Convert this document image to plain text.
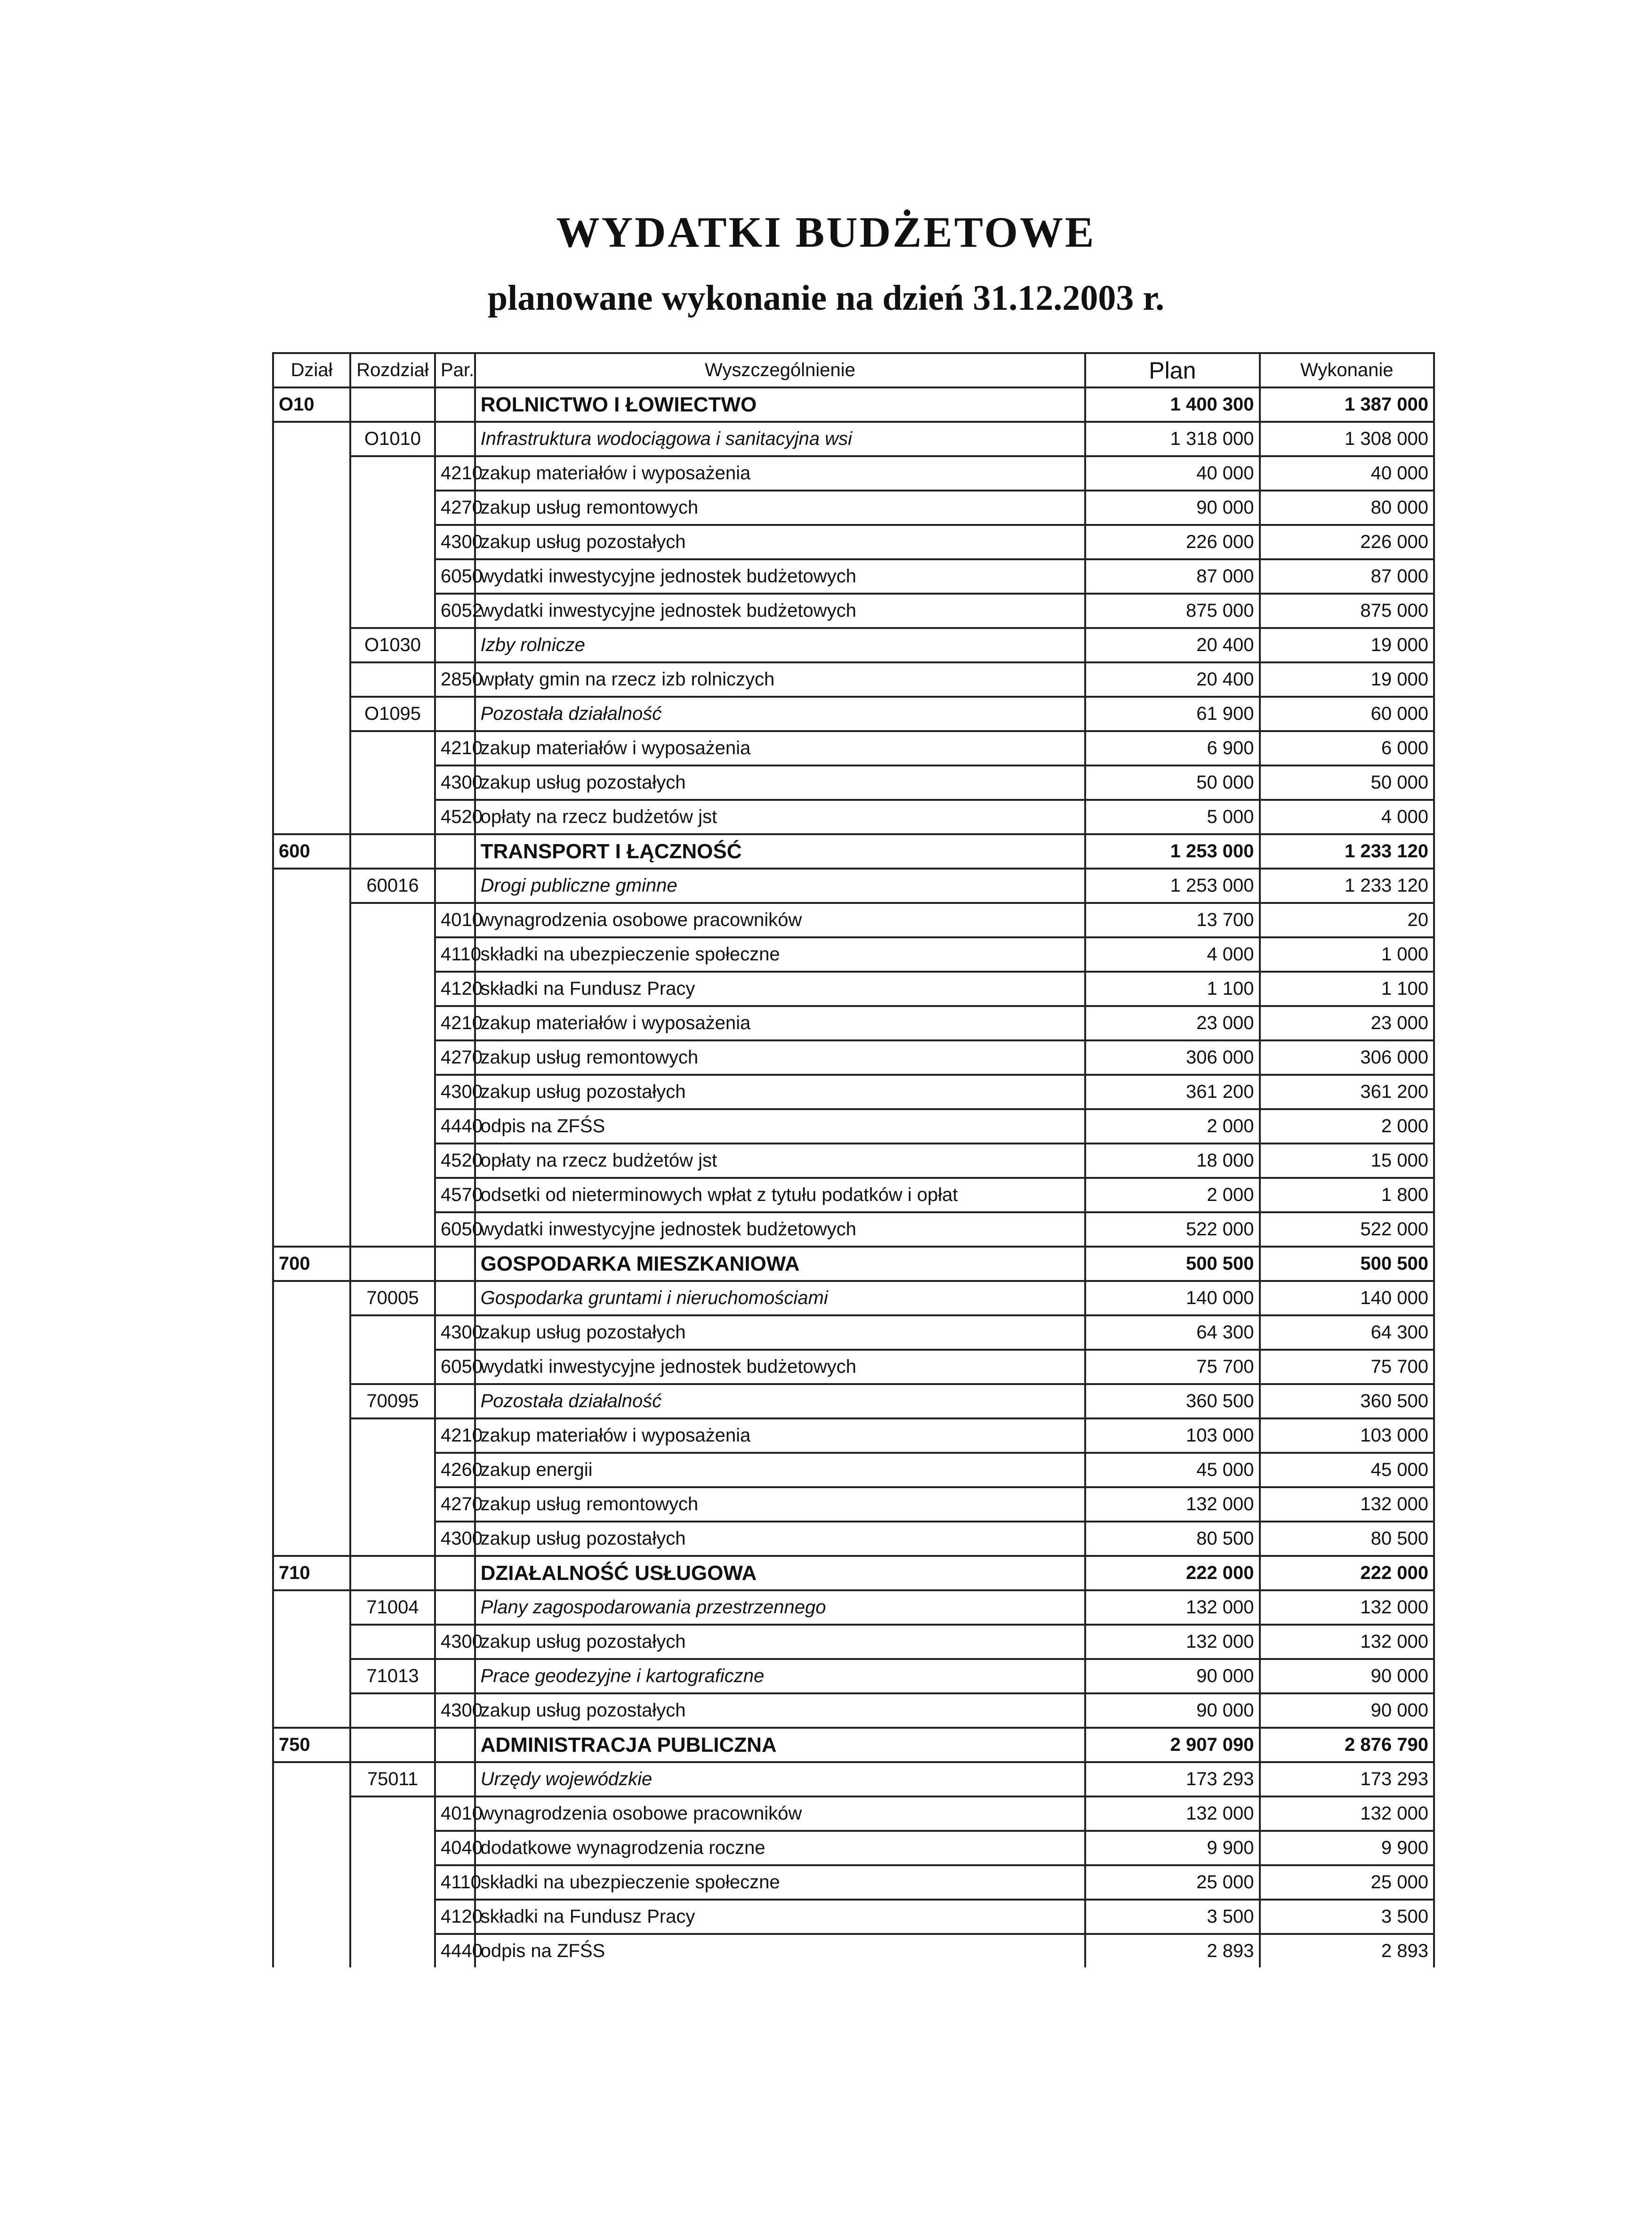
WYDATKI BUDŻETOWE
planowane wykonanie na dzień 31.12.2003 r.
Dział	Rozdział	Par.	Wyszczególnienie	Plan	Wykonanie
O10			ROLNICTWO I ŁOWIECTWO	1 400 300	1 387 000
	O1010		Infrastruktura wodociągowa i sanitacyjna wsi	1 318 000	1 308 000
		4210	zakup materiałów i wyposażenia	40 000	40 000
		4270	zakup usług remontowych	90 000	80 000
		4300	zakup usług pozostałych	226 000	226 000
		6050	wydatki inwestycyjne jednostek budżetowych	87 000	87 000
		6052	wydatki inwestycyjne jednostek budżetowych	875 000	875 000
	O1030		Izby rolnicze	20 400	19 000
		2850	wpłaty gmin na rzecz izb rolniczych	20 400	19 000
	O1095		Pozostała działalność	61 900	60 000
		4210	zakup materiałów i wyposażenia	6 900	6 000
		4300	zakup usług pozostałych	50 000	50 000
		4520	opłaty na rzecz budżetów jst	5 000	4 000
600			TRANSPORT I ŁĄCZNOŚĆ	1 253 000	1 233 120
	60016		Drogi publiczne gminne	1 253 000	1 233 120
		4010	wynagrodzenia osobowe pracowników	13 700	20
		4110	składki na ubezpieczenie społeczne	4 000	1 000
		4120	składki na Fundusz Pracy	1 100	1 100
		4210	zakup materiałów i wyposażenia	23 000	23 000
		4270	zakup usług remontowych	306 000	306 000
		4300	zakup usług pozostałych	361 200	361 200
		4440	odpis na ZFŚS	2 000	2 000
		4520	opłaty na rzecz budżetów jst	18 000	15 000
		4570	odsetki od nieterminowych wpłat z tytułu podatków i opłat	2 000	1 800
		6050	wydatki inwestycyjne jednostek budżetowych	522 000	522 000
700			GOSPODARKA MIESZKANIOWA	500 500	500 500
	70005		Gospodarka gruntami i nieruchomościami	140 000	140 000
		4300	zakup usług pozostałych	64 300	64 300
		6050	wydatki inwestycyjne jednostek budżetowych	75 700	75 700
	70095		Pozostała działalność	360 500	360 500
		4210	zakup materiałów i wyposażenia	103 000	103 000
		4260	zakup energii	45 000	45 000
		4270	zakup usług remontowych	132 000	132 000
		4300	zakup usług pozostałych	80 500	80 500
710			DZIAŁALNOŚĆ USŁUGOWA	222 000	222 000
	71004		Plany zagospodarowania przestrzennego	132 000	132 000
		4300	zakup usług pozostałych	132 000	132 000
	71013		Prace geodezyjne i kartograficzne	90 000	90 000
		4300	zakup usług pozostałych	90 000	90 000
750			ADMINISTRACJA PUBLICZNA	2 907 090	2 876 790
	75011		Urzędy wojewódzkie	173 293	173 293
		4010	wynagrodzenia osobowe pracowników	132 000	132 000
		4040	dodatkowe wynagrodzenia roczne	9 900	9 900
		4110	składki na ubezpieczenie społeczne	25 000	25 000
		4120	składki na Fundusz Pracy	3 500	3 500
		4440	odpis na ZFŚS	2 893	2 893
